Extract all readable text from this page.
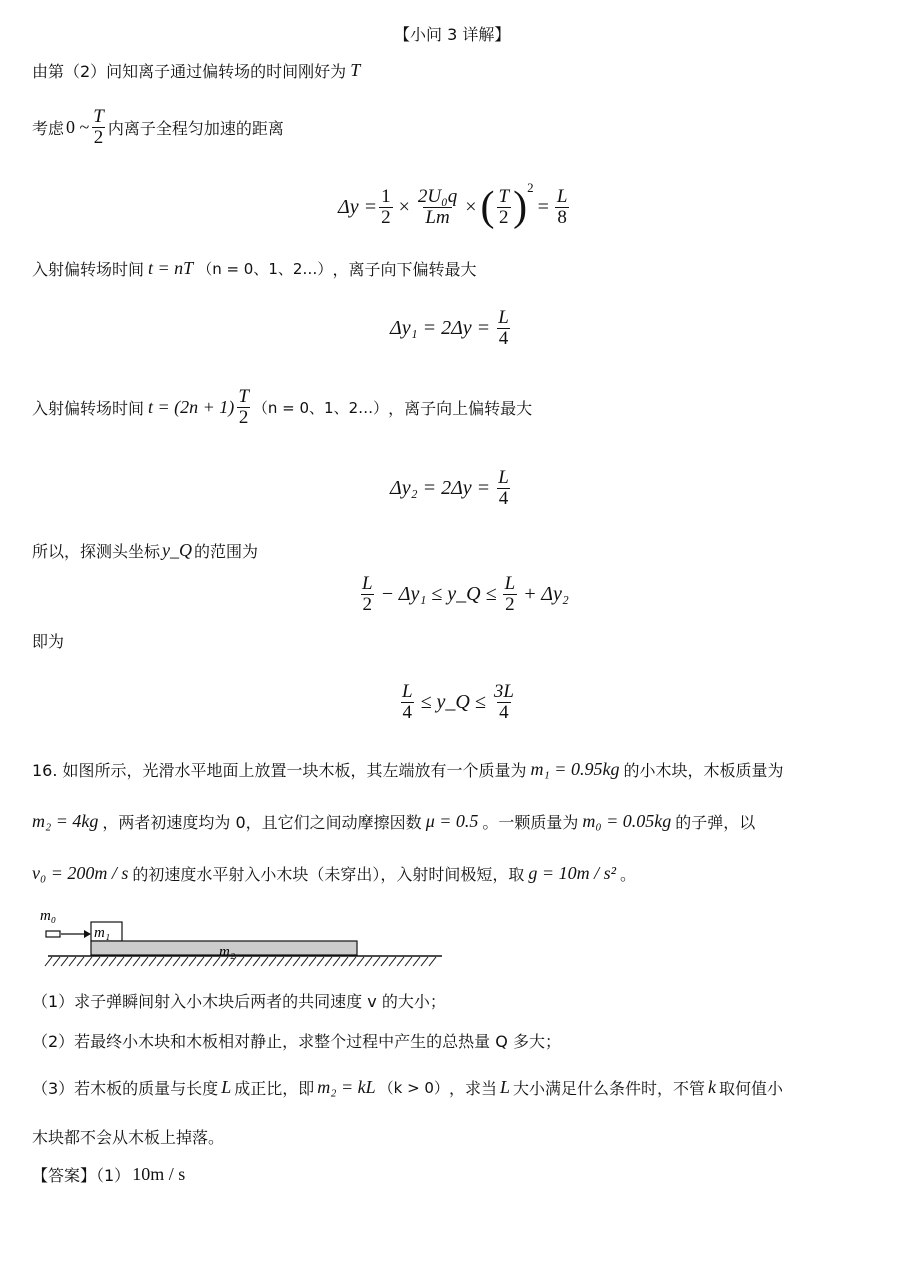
【小问 3 详解】
由第（2）问知离子通过偏转场的时间刚好为 T
考虑 0 ~ $\frac{T}{2}$ 内离子全程匀加速的距离
$\Delta y = \frac{1}{2} \times \frac{\text{2U₀q}}{Lm}$ × ( $\frac{T}{2}$ ) 2
= $\frac{L}{8}$
入射偏转场时间 t = nT （n = 0、1、2…） ，离子向下偏转最大
$\Delta y_1 = 2\Delta y = \frac{L}{4}$
入射偏转场时间 $t = (2n + 1) \frac{T}{2} (n = 0$、1、2…） ，离子向上偏转最大
$\Delta y_2 = 2\Delta y = \frac{L}{4}$
所以，探测头坐标 y_Q 的范围为
$\frac{L}{2} - \Delta y_1$ ≤ y_Q ≤ $\frac{L}{2} + \Delta y_2$
即为
$\frac{L}{4}$ ≤ y_Q ≤ $\frac{3L}{4}$
16. 如图所示，光滑水平地面上放置一块木板，其左端放有一个质量为 m₁ = 0.95kg 的小木块，木板质量为
m₂ = 4kg ，两者初速度均为 0，且它们之间动摩擦因数 μ = 0.5 。一颗质量为 m₀ = 0.05kg 的子弹，以
v₀ = 200m / s 的初速度水平射入小木块（未穿出），入射时间极短，取 g = 10m / s² 。
m₀
m₁
m₂
（1）求子弹瞬间射入小木块后两者的共同速度 v 的大小；
（2）若最终小木块和木板相对静止，求整个过程中产生的总热量 Q 多大；
（3）若木板的质量与长度 L 成正比，即 m₂ = kL （k > 0） ，求当 L 大小满足什么条件时，不管 k 取何值小
木块都不会从木板上掉落。
【答案】（1） 10m / s
